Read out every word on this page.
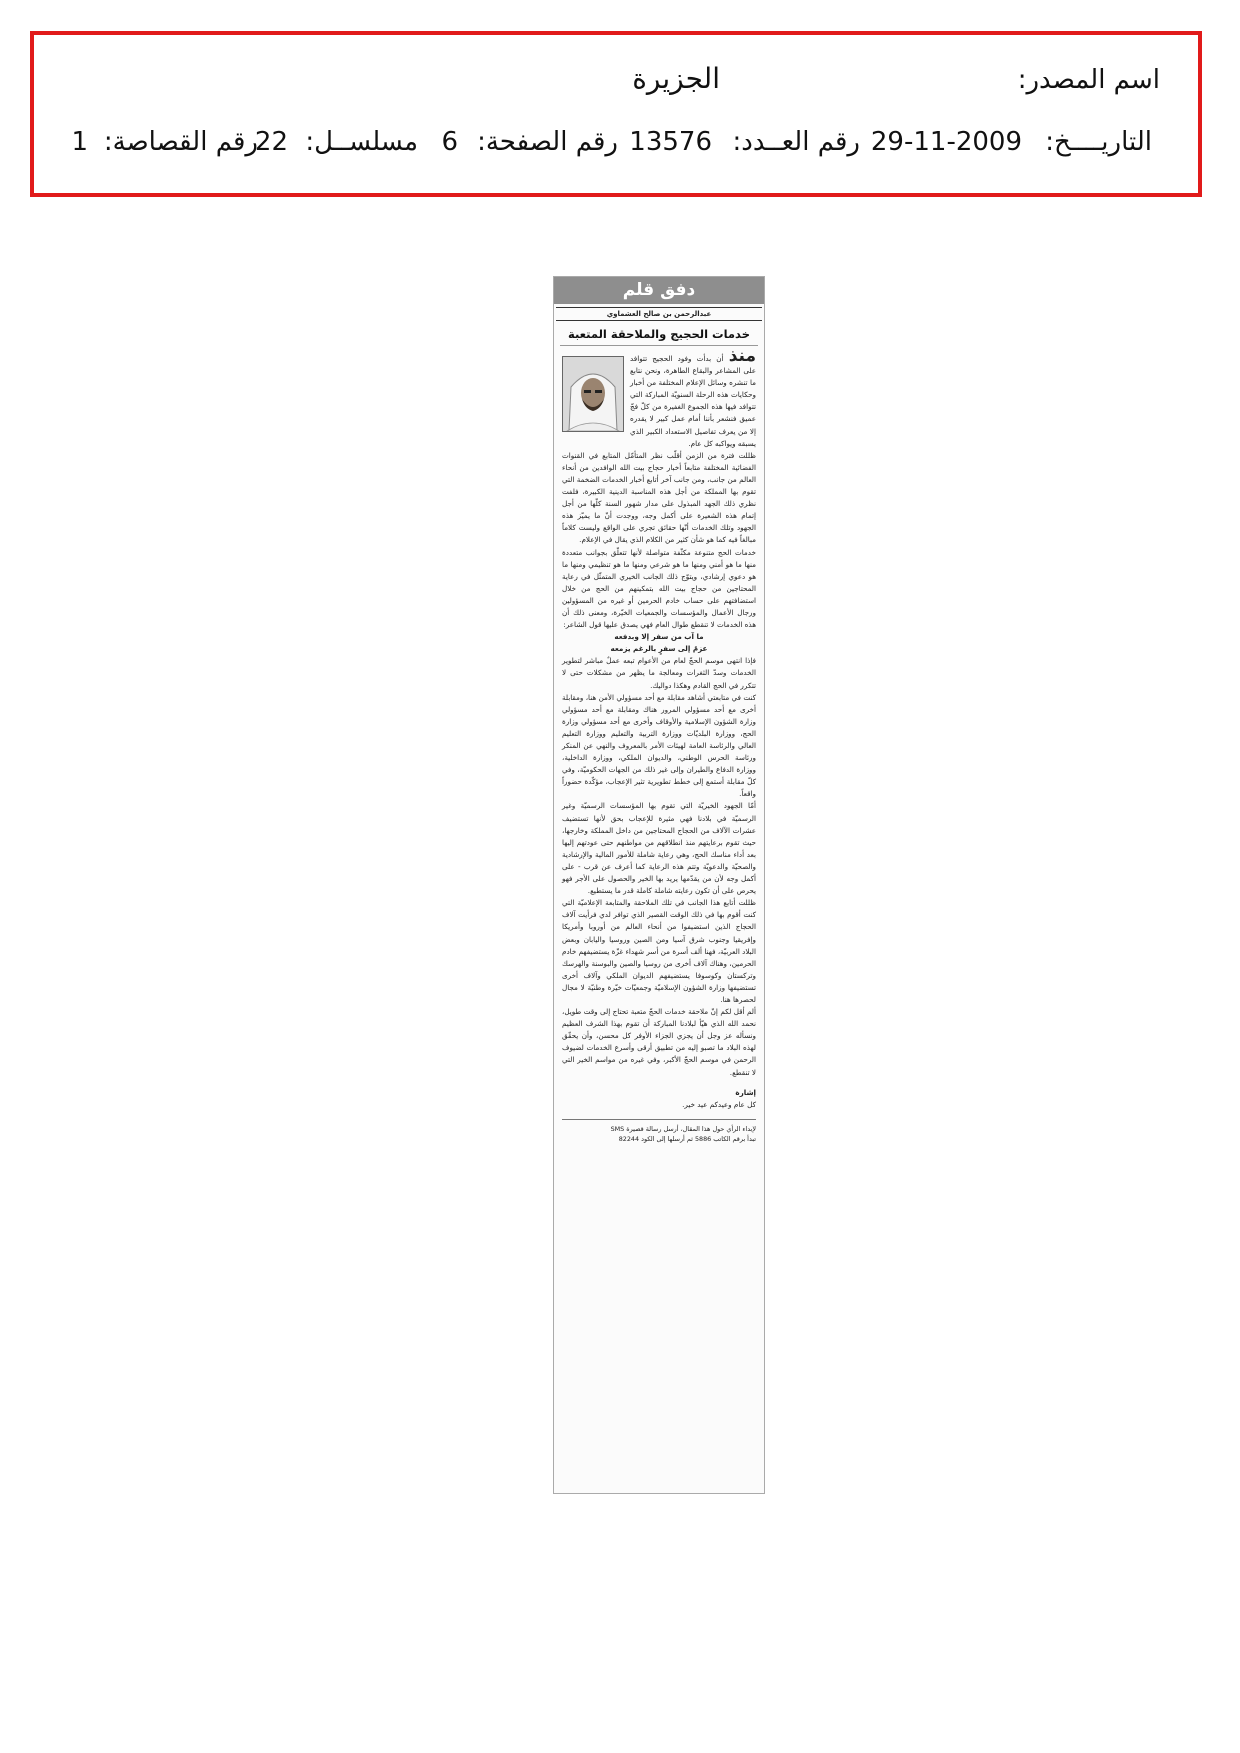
اسم المصدر:
الجزيرة
التاريــــخ:
29-11-2009
رقم العــدد:
13576
رقم الصفحة:
6
مسلســل:
22
رقم القصاصة:
1
دفق قلم
عبدالرحمن بن صالح العشماوي
خدمات الحجيج والملاحقة المتعبة

منذ أن بدأت وفود الحجيج تتوافد على المشاعر والبقاع الطاهرة، ونحن نتابع ما تنشره وسائل الإعلام المختلفة من أخبار وحكايات هذه الرحلة السنويّة المباركة التي تتوافد فيها هذه الجموع الغفيرة من كلّ فجّ عميق فنشعر بأننا أمام عمل كبير لا يقدره إلا من يعرف تفاصيل الاستعداد الكبير الذي يسبقه ويواكبه كل عام.

ظللت فترة من الزمن أقلّب نظر المتأمّل المتابع في القنوات الفضائية المختلفة متابعاً أخبار حجاج بيت الله الوافدين من أنحاء العالم من جانب، ومن جانب آخر أتابع أخبار الخدمات الضخمة التي تقوم بها المملكة من أجل هذه المناسبة الدينية الكبيرة، فلفت نظري ذلك الجهد المبذول على مدار شهور السنة كلّها من أجل إتمام هذه الشعيرة على أكمل وجه، ووجدت أنّ ما يميّز هذه الجهود وتلك الخدمات أنّها حقائق تجري على الواقع وليست كلاماً مبالغاً فيه كما هو شأن كثير من الكلام الذي يقال في الإعلام.

خدمات الحج متنوعة مكثّفة متواصلة لأنها تتعلّق بجوانب متعددة منها ما هو أمني ومنها ما هو شرعي ومنها ما هو تنظيمي ومنها ما هو دعوي إرشادي، ويتوّج ذلك الجانب الخيري المتمثّل في رعاية المحتاجين من حجاج بيت الله بتمكينهم من الحج من خلال استضافتهم على حساب خادم الحرمين أو غيره من المسؤولين ورجال الأعمال والمؤسسات والجمعيات الخيّرة، ومعنى ذلك أن هذه الخدمات لا تنقطع طوال العام فهي يصدق عليها قول الشاعر:

ما آب من سفر إلا وبدفعه

عزمٌ إلى سفرٍ بالرغم يزمعه

فإذا انتهى موسم الحجّ لعام من الأعوام تبعه عملٌ مباشر لتطوير الخدمات وسدّ الثغرات ومعالجة ما يظهر من مشكلات حتى لا تتكرر في الحج القادم وهكذا دواليك.

كنت في متابعتي أشاهد مقابلة مع أحد مسؤولي الأمن هنا، ومقابلة أخرى مع أحد مسؤولي المرور هناك ومقابلة مع أحد مسؤولي وزارة الشؤون الإسلامية والأوقاف وأخرى مع أحد مسؤولي وزارة الحج، ووزارة البلديّات ووزارة التربية والتعليم ووزارة التعليم العالي والرئاسة العامة لهيئات الأمر بالمعروف والنهي عن المنكر ورئاسة الحرس الوطني، والديوان الملكي، ووزارة الداخلية، ووزارة الدفاع والطيران وإلى غير ذلك من الجهات الحكوميّة، وفي كلّ مقابلة أستمع إلى خطط تطويرية تثير الإعجاب، مؤكّدة حضوراً واقعاً.

أمّا الجهود الخيريّة التي تقوم بها المؤسسات الرسميّة وغير الرسميّة في بلادنا فهي مثيرة للإعجاب بحق لأنها تستضيف عشرات الآلاف من الحجاج المحتاجين من داخل المملكة وخارجها، حيث تقوم برعايتهم منذ انطلاقهم من مواطنهم حتى عودتهم إليها بعد أداء مناسك الحج، وهي رعاية شاملة للأمور المالية والإرشادية والصحيّة والدعويّة وتتم هذه الرعاية كما أعرف عن قرب - على أكمل وجه لأن من يقدّمها يريد بها الخير والحصول على الأجر فهو يحرص على أن تكون رعايته شاملة كاملة قدر ما يستطيع.

ظللت أتابع هذا الجانب في تلك الملاحقة والمتابعة الإعلاميّة التي كنت أقوم بها في ذلك الوقت القصير الذي توافر لدي فرأيت آلاف الحجاج الذين استضيفوا من أنحاء العالم من أوروبا وأمريكا وإفريقيا وجنوب شرق آسيا ومن الصين وروسيا واليابان وبعض البلاد العربيّة، فهنا ألف أسرة من أسر شهداء غزّة يستضيفهم خادم الحرمين، وهناك آلاف أخرى من روسيا والصين والبوسنة والهرسك وتركستان وكوسوفا يستضيفهم الديوان الملكي وآلاف أخرى تستضيفها وزارة الشؤون الإسلاميّة وجمعيّات خيّرة وطنيّة لا مجال لحصرها هنا.

ألم أقل لكم إنّ ملاحقة خدمات الحجّ متعبة تحتاج إلى وقت طويل، نحمد الله الذي هيّأ لبلادنا المباركة أن تقوم بهذا الشرف العظيم ونسأله عز وجل أن يجزي الجزاء الأوفر كل محسن، وأن يحقّق لهذه البلاد ما تصبو إليه من تطبيق أرقى وأسرع الخدمات لضيوف الرحمن في موسم الحجّ الأكبر، وفي غيره من مواسم الخير التي لا تنقطع.

إشارة

كل عام وعيدكم عيد خير.

لإبداء الرأي حول هذا المقال، أرسل رسالة قصيرة SMS
تبدأ برقم الكاتب 5886 ثم أرسلها إلى الكود 82244
